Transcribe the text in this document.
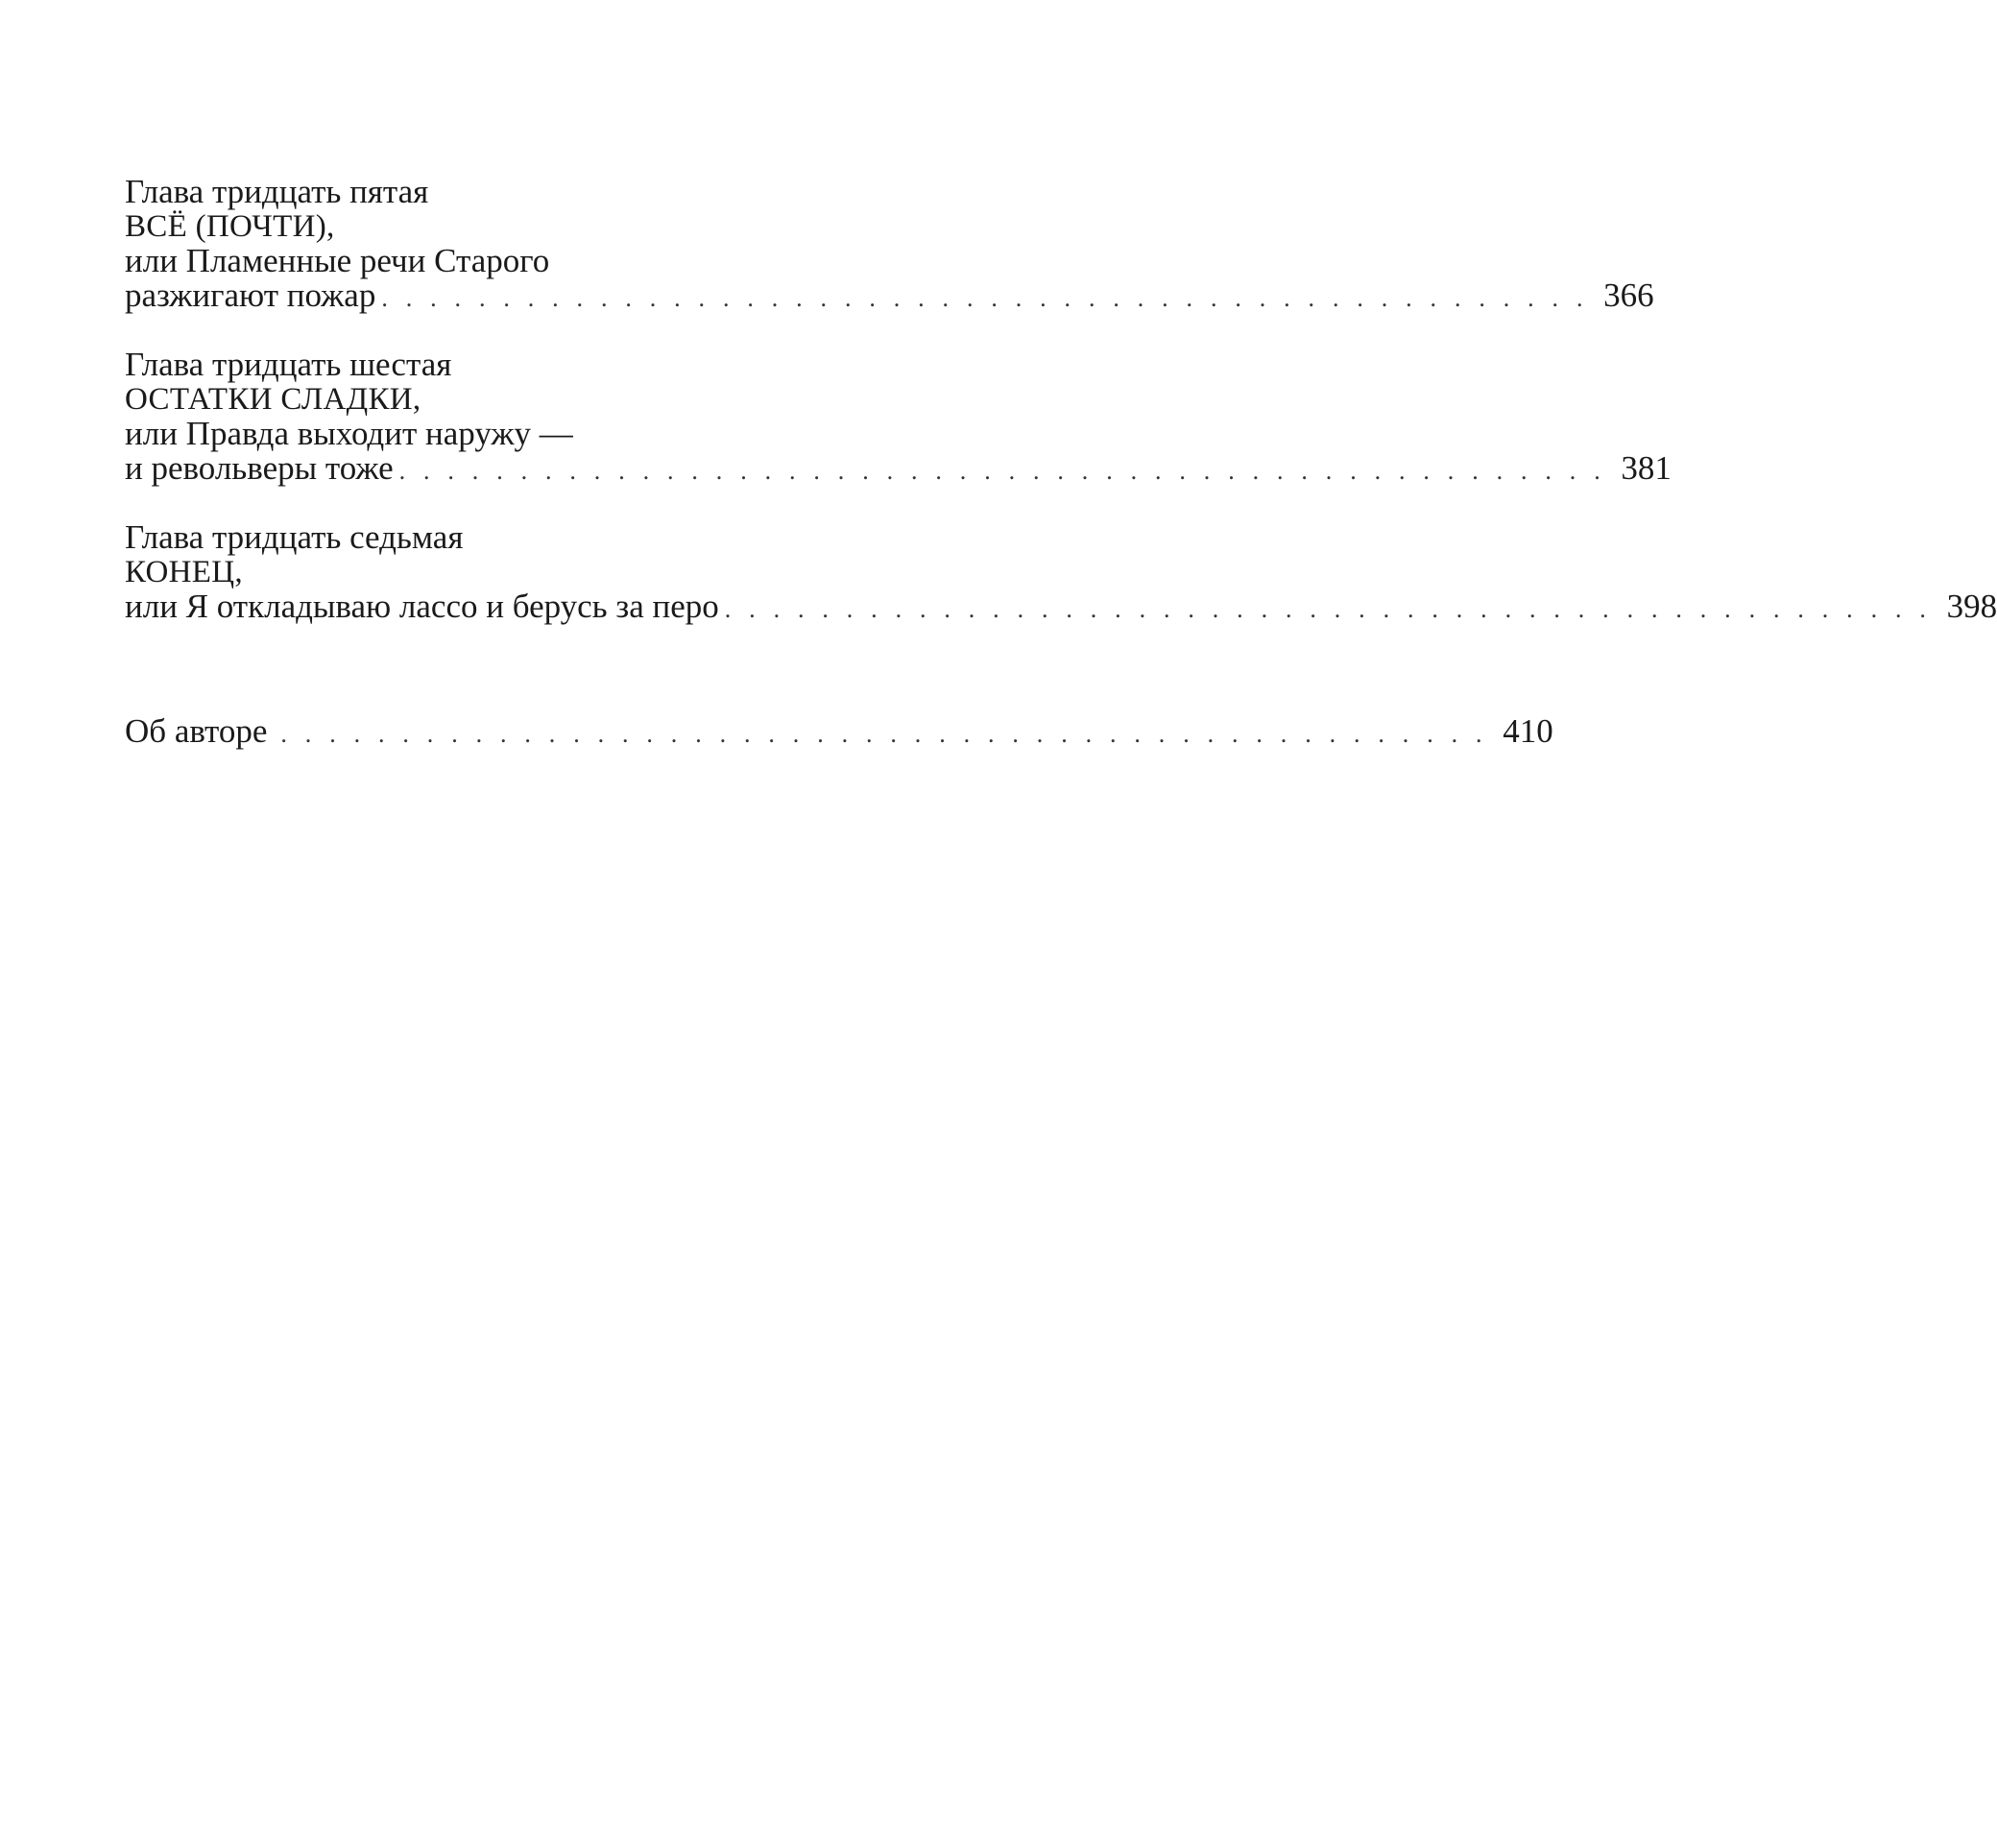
Глава тридцать пятая
ВСЁ (ПОЧТИ),
или Пламенные речи Старого
разжигают пожар . . . . . . . . . . . . . . . . . . . . . . . . . . . . . . . . . . . . . . . . . . . . . . . . . . 366
Глава тридцать шестая
ОСТАТКИ СЛАДКИ,
или Правда выходит наружу —
и револьверы тоже . . . . . . . . . . . . . . . . . . . . . . . . . . . . . . . . . . . . . . . . . . . . . . . . . . 381
Глава тридцать седьмая
КОНЕЦ,
или Я откладываю лассо и берусь за перо . . . . . . . . . . . . . . . . . . . . . . . . . . . . . . . . . . . . . . . . . . . . . . . . . . 398
Об авторе . . . . . . . . . . . . . . . . . . . . . . . . . . . . . . . . . . . . . . . . . . . . . . . . . . 410
